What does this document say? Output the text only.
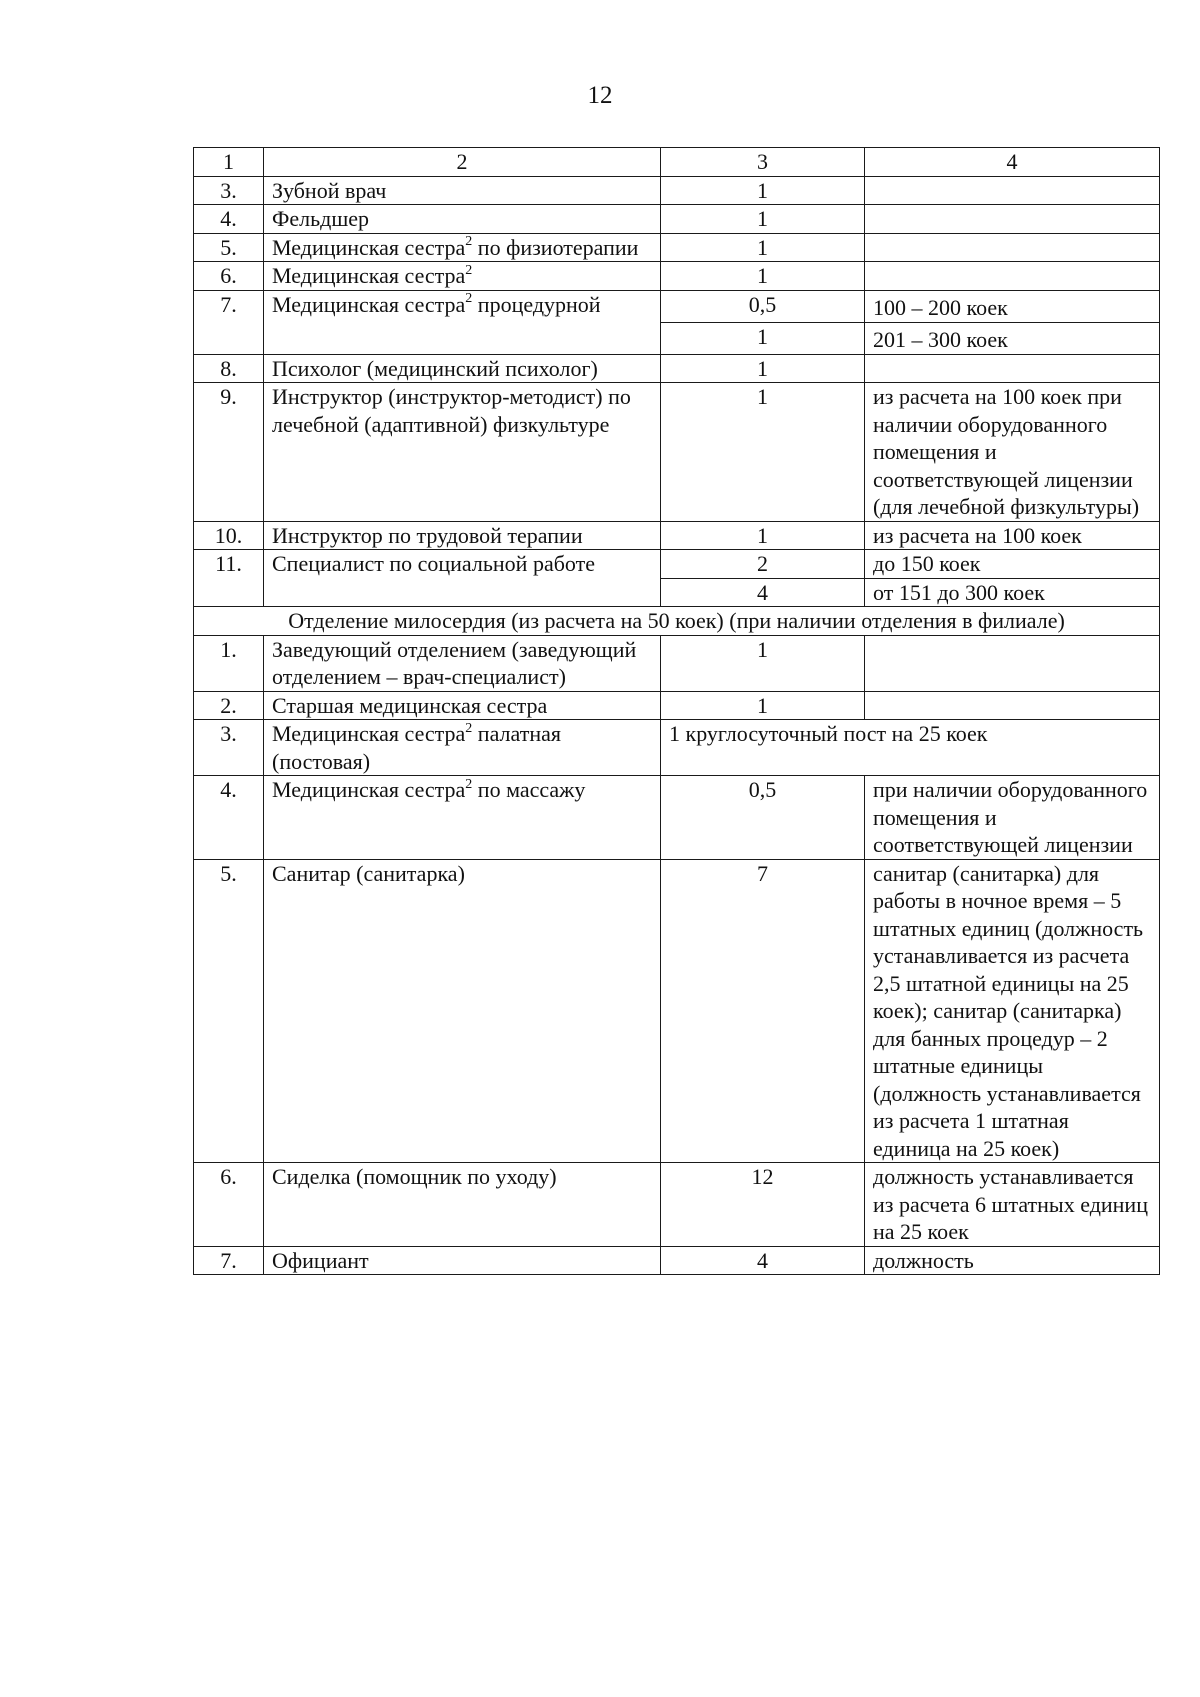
12
1	2	3	4
3.	Зубной врач	1	
4.	Фельдшер	1	
5.	Медицинская сестра$^2$ по физиотерапии	1	
6.	Медицинская сестра$^2$	1	
7.	Медицинская сестра$^2$ процедурной	0,5	100 – 200 коек
		1	201 – 300 коек
8.	Психолог (медицинский психолог)	1	
9.	Инструктор (инструктор-методист) по лечебной (адаптивной) физкультуре	1	из расчета на 100 коек при наличии оборудованного помещения и соответствующей лицензии (для лечебной физкультуры)
10.	Инструктор по трудовой терапии	1	из расчета на 100 коек
11.	Специалист по социальной работе	2	до 150 коек
		4	от 151 до 300 коек
Отделение милосердия (из расчета на 50 коек) (при наличии отделения в филиале)			
1.	Заведующий отделением (заведующий отделением – врач-специалист)	1	
2.	Старшая медицинская сестра	1	
3.	Медицинская сестра$^2$ палатная (постовая)	1 круглосуточный пост на 25 коек	
4.	Медицинская сестра$^2$ по массажу	0,5	при наличии оборудованного помещения и соответствующей лицензии
5.	Санитар (санитарка)	7	санитар (санитарка) для работы в ночное время – 5 штатных единиц (должность устанавливается из расчета 2,5 штатной единицы на 25 коек); санитар (санитарка) для банных процедур – 2 штатные единицы (должность устанавливается из расчета 1 штатная единица на 25 коек)
6.	Сиделка (помощник по уходу)	12	должность устанавливается из расчета 6 штатных единиц на 25 коек
7.	Официант	4	должность
